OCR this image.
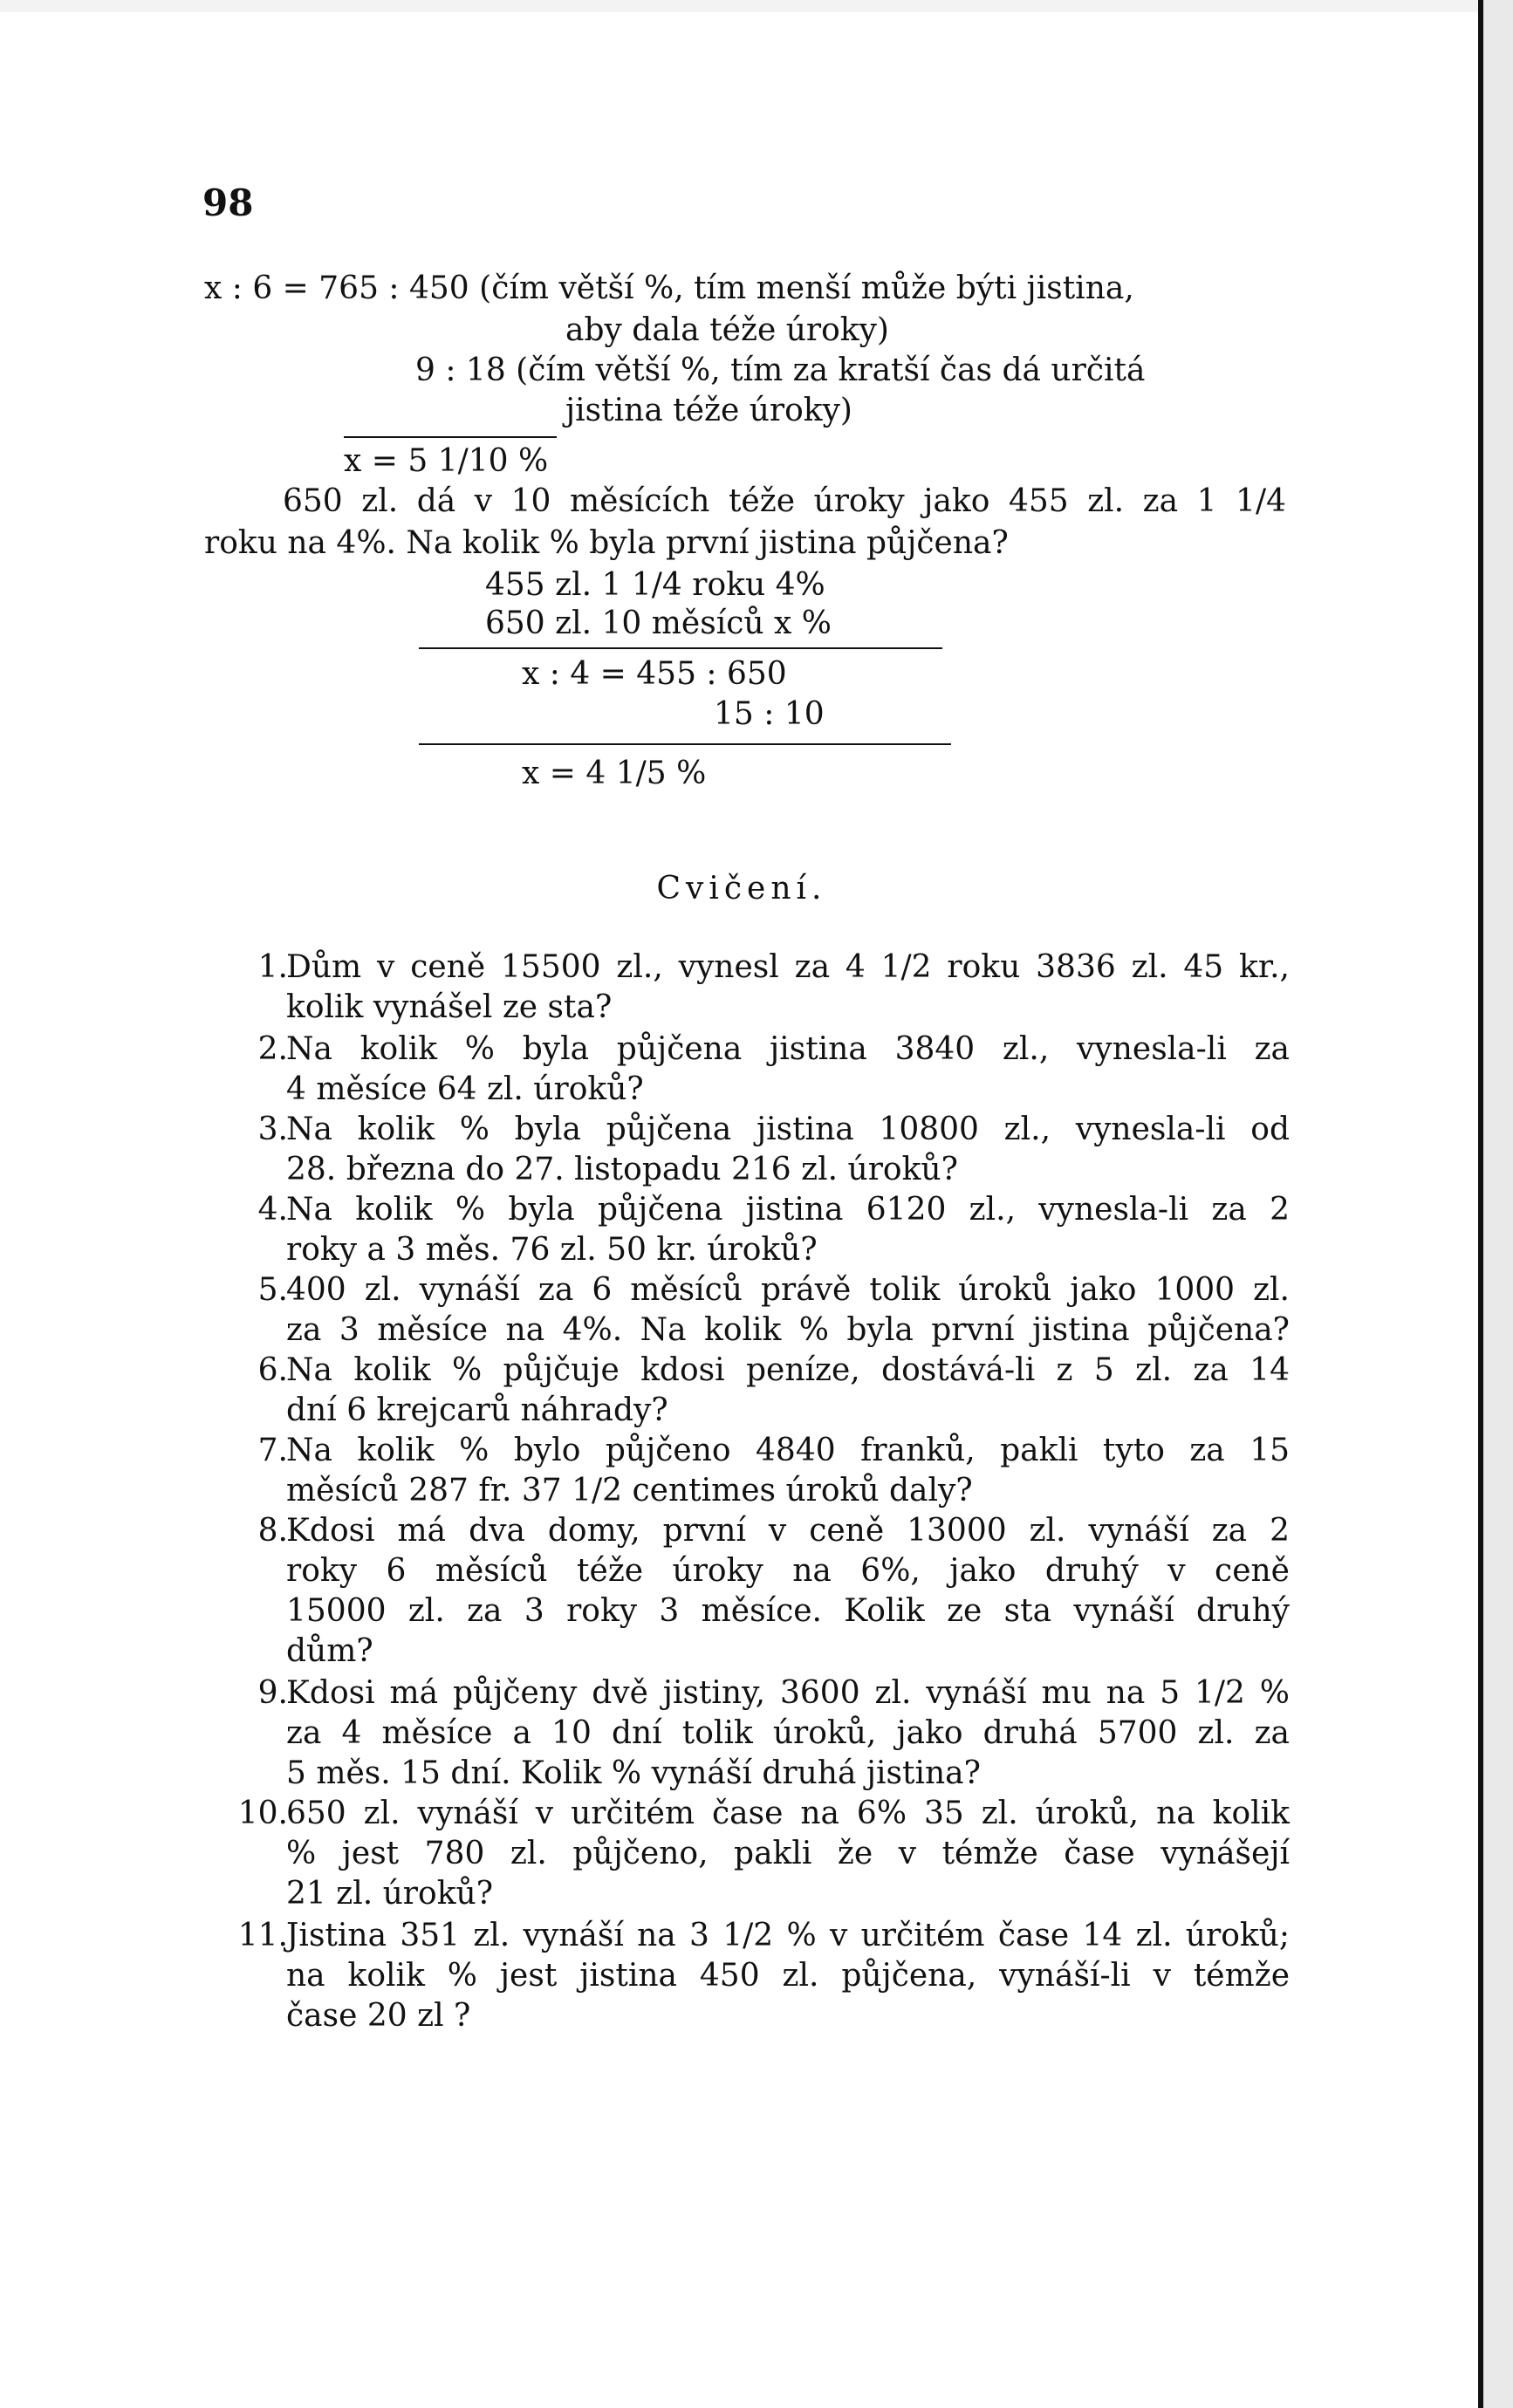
98
x : 6 = 765 : 450 (čím větší %, tím menší může býti jistina,
aby dala téže úroky)
9 : 18 (čím větší %, tím za kratší čas dá určitá
jistina téže úroky)
x = 5 1/10 %
650 zl. dá v 10 měsících téže úroky jako 455 zl. za 1 1/4
roku na 4%. Na kolik % byla první jistina půjčena?
455 zl. 1 1/4 roku 4%
650 zl. 10 měsíců x %
x : 4 = 455 : 650
15 : 10
x = 4 1/5 %
Cvičení.
1.
Dům v ceně 15500 zl., vynesl za 4 1/2 roku 3836 zl. 45 kr.,
kolik vynášel ze sta?
2.
Na kolik % byla půjčena jistina 3840 zl., vynesla-li za
4 měsíce 64 zl. úroků?
3.
Na kolik % byla půjčena jistina 10800 zl., vynesla-li od
28. března do 27. listopadu 216 zl. úroků?
4.
Na kolik % byla půjčena jistina 6120 zl., vynesla-li za 2
roky a 3 měs. 76 zl. 50 kr. úroků?
5.
400 zl. vynáší za 6 měsíců právě tolik úroků jako 1000 zl.
za 3 měsíce na 4%. Na kolik % byla první jistina půjčena?
6.
Na kolik % půjčuje kdosi peníze, dostává-li z 5 zl. za 14
dní 6 krejcarů náhrady?
7.
Na kolik % bylo půjčeno 4840 franků, pakli tyto za 15
měsíců 287 fr. 37 1/2 centimes úroků daly?
8.
Kdosi má dva domy, první v ceně 13000 zl. vynáší za 2
roky 6 měsíců téže úroky na 6%, jako druhý v ceně
15000 zl. za 3 roky 3 měsíce. Kolik ze sta vynáší druhý
dům?
9.
Kdosi má půjčeny dvě jistiny, 3600 zl. vynáší mu na 5 1/2 %
za 4 měsíce a 10 dní tolik úroků, jako druhá 5700 zl. za
5 měs. 15 dní. Kolik % vynáší druhá jistina?
10.
650 zl. vynáší v určitém čase na 6% 35 zl. úroků, na kolik
% jest 780 zl. půjčeno, pakli že v témže čase vynášejí
21 zl. úroků?
11.
Jistina 351 zl. vynáší na 3 1/2 % v určitém čase 14 zl. úroků;
na kolik % jest jistina 450 zl. půjčena, vynáší-li v témže
čase 20 zl ?
